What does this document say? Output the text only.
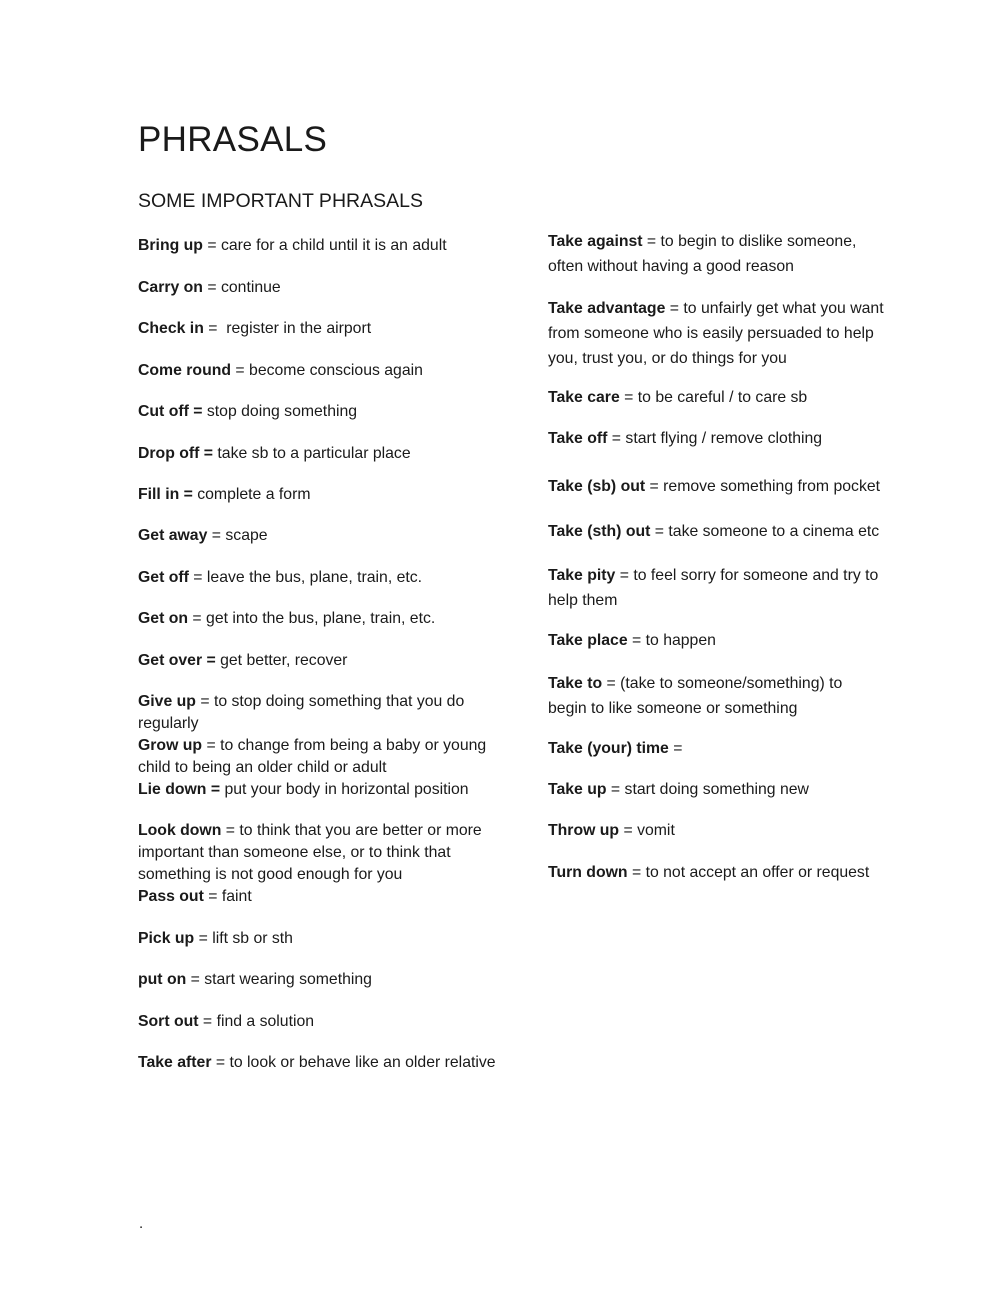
PHRASALS
SOME IMPORTANT PHRASALS

Bring up = care for a child until it is an adult

Carry on = continue

Check in =  register in the airport

Come round = become conscious again

Cut off = stop doing something

Drop off = take sb to a particular place

Fill in = complete a form

Get away = scape

Get off = leave the bus, plane, train, etc.

Get on = get into the bus, plane, train, etc.

Get over = get better, recover

Give up = to stop doing something that you do regularly

Grow up = to change from being a baby or young child to being an older child or adult

Lie down = put your body in horizontal position

Look down = to think that you are better or more important than someone else, or to think that something is not good enough for you

Pass out = faint

Pick up = lift sb or sth

put on = start wearing something

Sort out = find a solution

Take after = to look or behave like an older relative

Take against = to begin to dislike someone, often without having a good reason

Take advantage = to unfairly get what you want from someone who is easily persuaded to help you, trust you, or do things for you

Take care = to be careful / to care sb

Take off = start flying / remove clothing

Take (sb) out = remove something from pocket

Take (sth) out = take someone to a cinema etc

Take pity = to feel sorry for someone and try to help them

Take place = to happen

Take to = (take to someone/something) to begin to like someone or something

Take (your) time =

Take up = start doing something new

Throw up = vomit

Turn down = to not accept an offer or request

.
